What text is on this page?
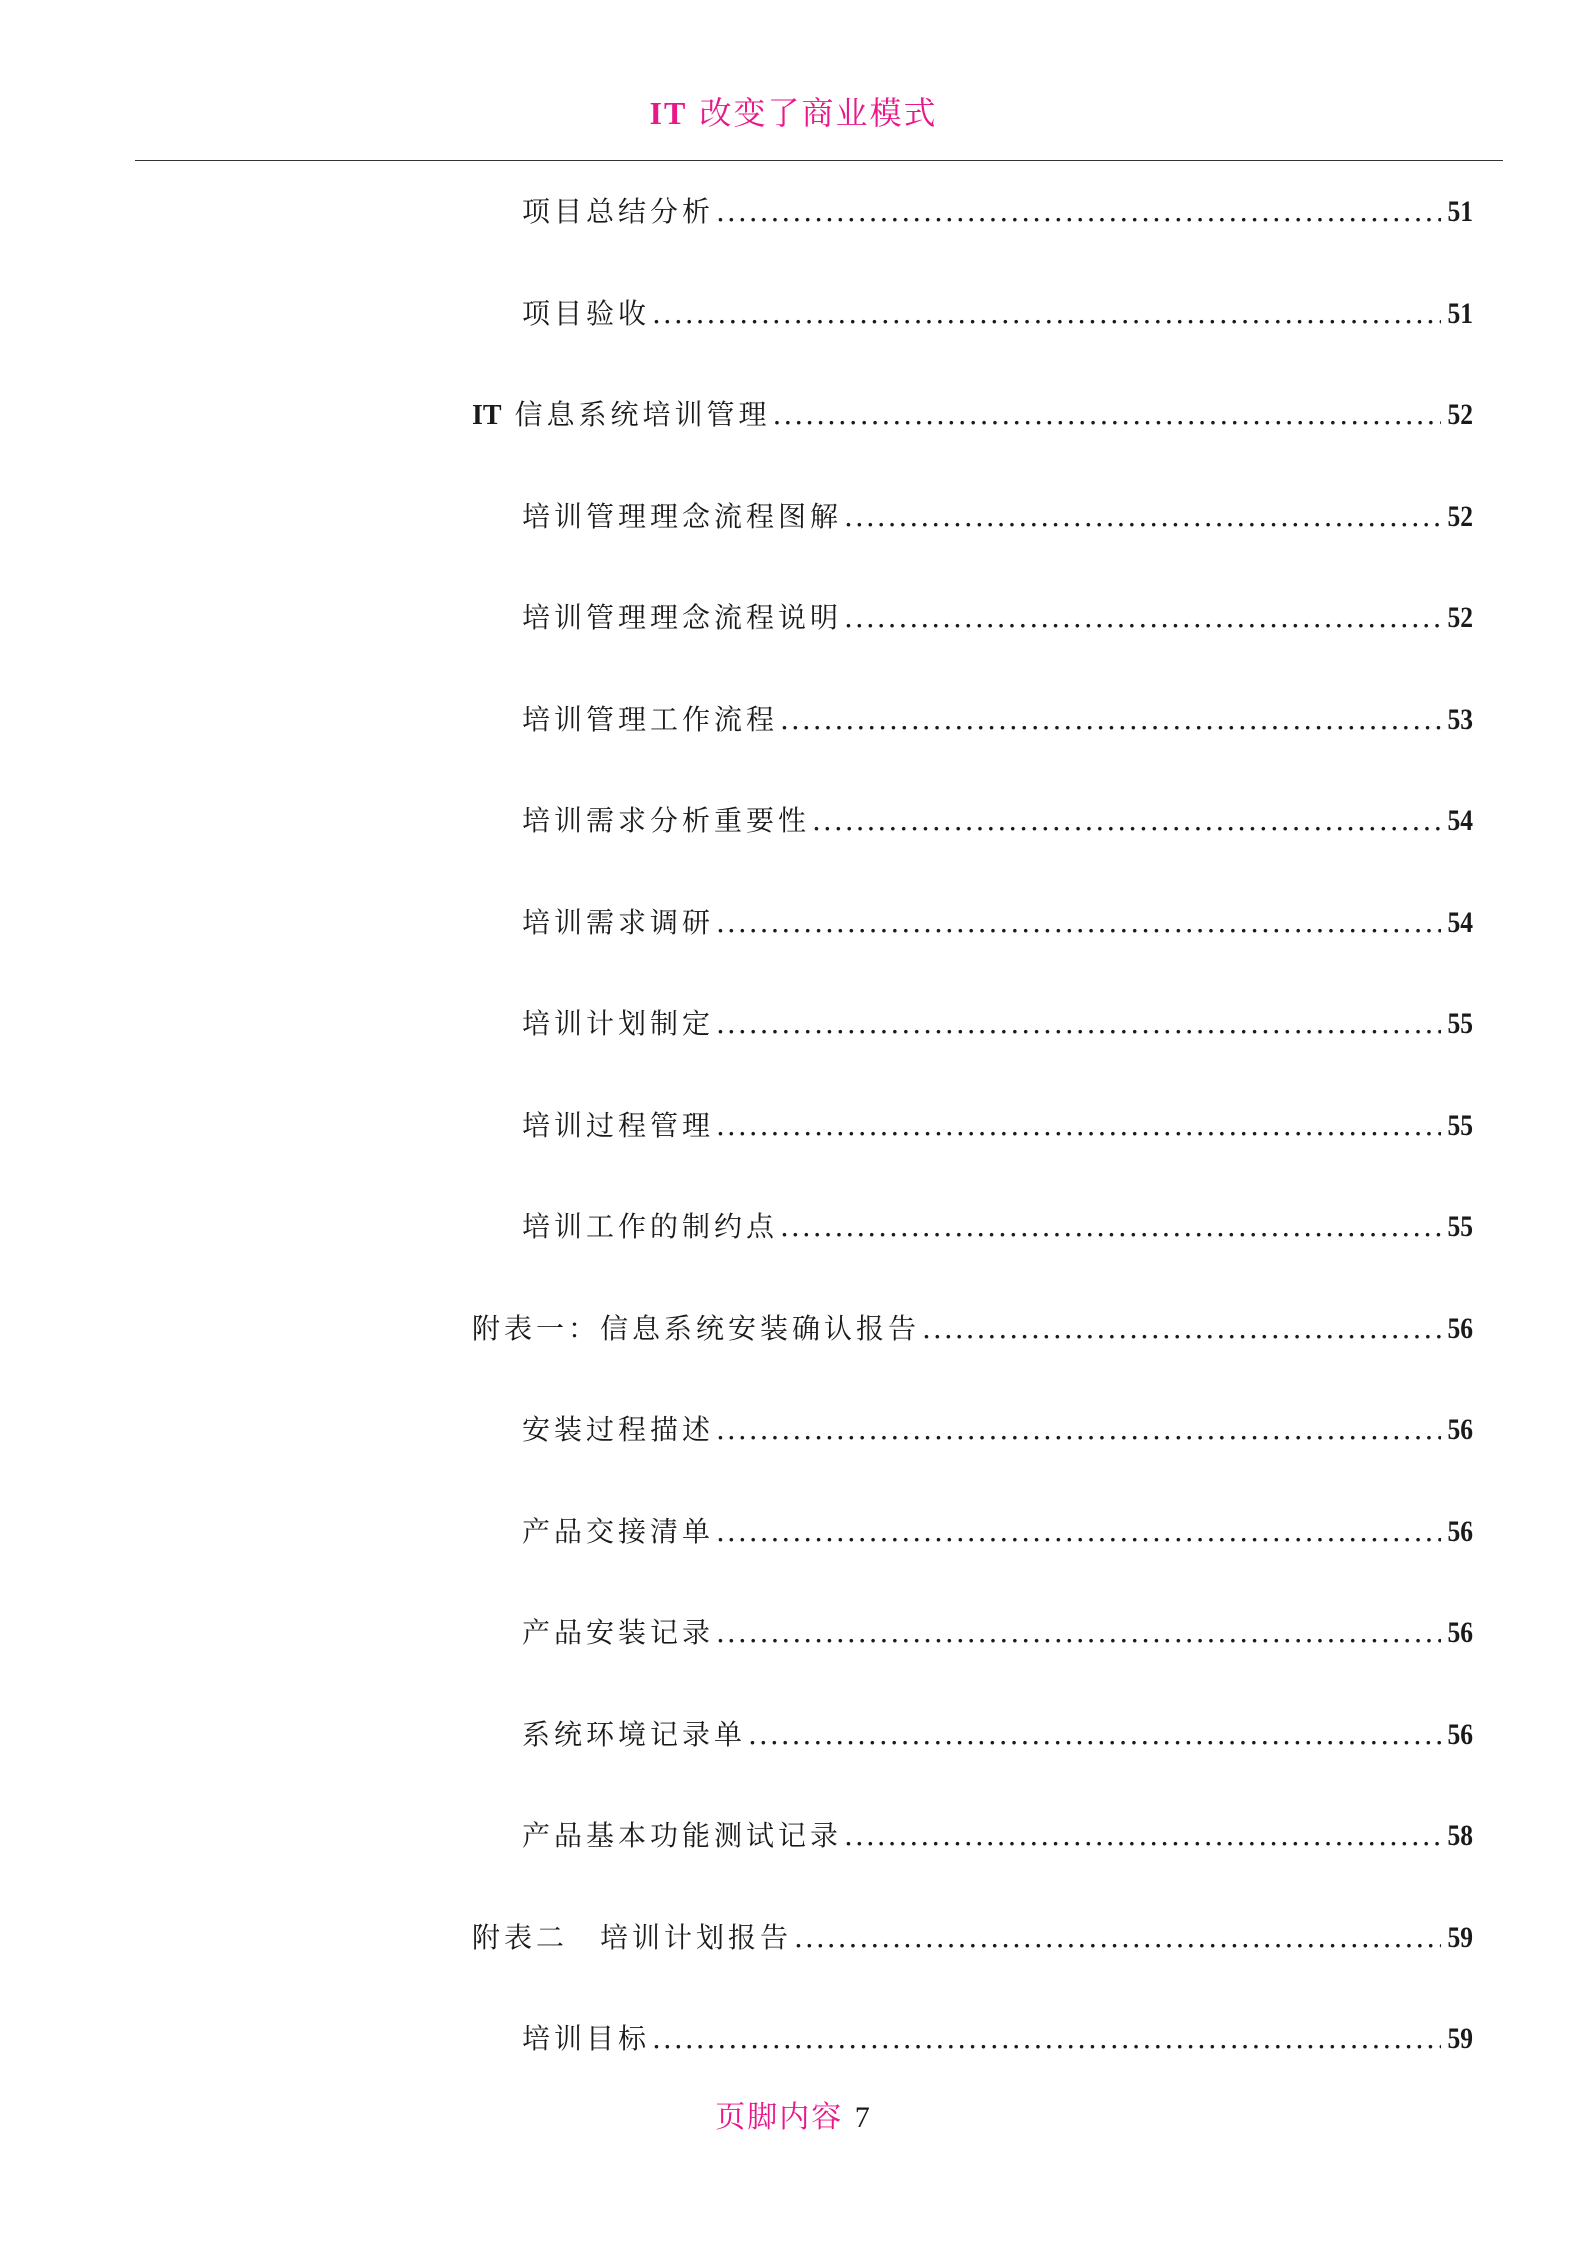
IT 改变了商业模式
项目总结分析 .....	51
项目验收 .....	51
IT 信息系统培训管理 .....	52
培训管理理念流程图解 .....	52
培训管理理念流程说明 .....	52
培训管理工作流程 .....	53
培训需求分析重要性 .....	54
培训需求调研 .....	54
培训计划制定 .....	55
培训过程管理 .....	55
培训工作的制约点 .....	55
附表一：信息系统安装确认报告 .....	56
安装过程描述 .....	56
产品交接清单 .....	56
产品安装记录 .....	56
系统环境记录单 .....	56
产品基本功能测试记录 .....	58
附表二　培训计划报告 .....	59
培训目标 .....	59
页脚内容 7
